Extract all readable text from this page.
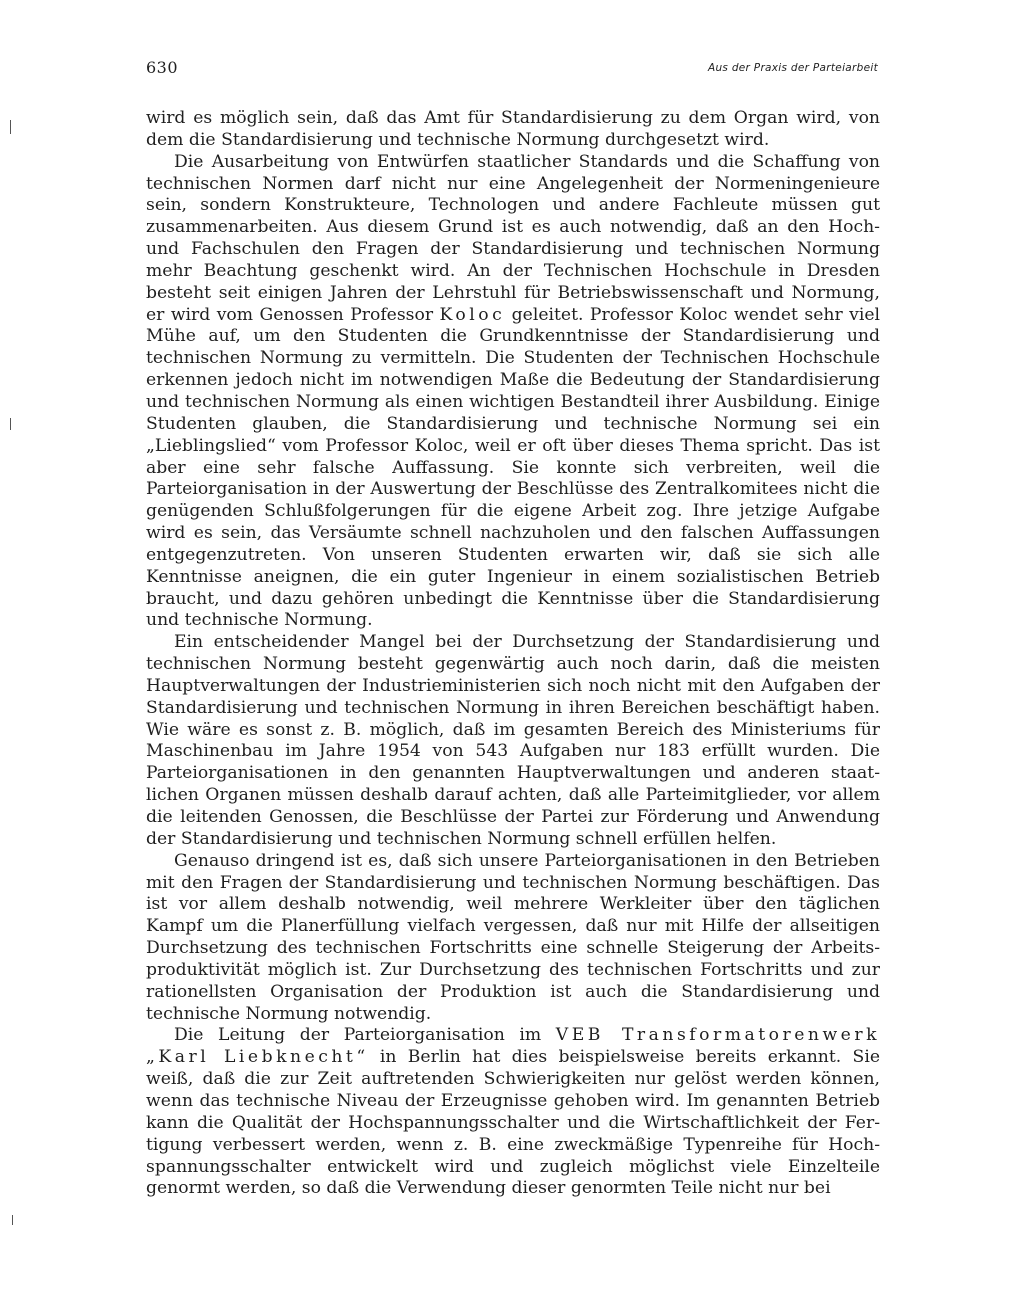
630	Aus der Praxis der Parteiarbeit

wird es möglich sein, daß das Amt für Standardisierung zu dem Organ wird, von dem die Standardisierung und technische Normung durchgesetzt wird.

Die Ausarbeitung von Entwürfen staatlicher Standards und die Schaffung von technischen Normen darf nicht nur eine Angelegenheit der Normeningenieure sein, sondern Konstrukteure, Technologen und andere Fachleute müssen gut zusammenarbeiten. Aus diesem Grund ist es auch notwendig, daß an den Hoch- und Fachschulen den Fragen der Standardisierung und technischen Normung mehr Beachtung geschenkt wird. An der Technischen Hochschule in Dresden besteht seit einigen Jahren der Lehrstuhl für Betriebswissenschaft und Normung, er wird vom Genossen Professor Koloc geleitet. Professor Koloc wendet sehr viel Mühe auf, um den Studenten die Grundkenntnisse der Standardisierung und technischen Normung zu vermitteln. Die Studenten der Technischen Hochschule erkennen jedoch nicht im notwendigen Maße die Bedeutung der Standardisierung und technischen Normung als einen wichtigen Bestandteil ihrer Ausbildung. Einige Studenten glauben, die Standardisierung und technische Normung sei ein „Lieblingslied“ vom Professor Koloc, weil er oft über dieses Thema spricht. Das ist aber eine sehr falsche Auffassung. Sie konnte sich verbreiten, weil die Parteiorganisation in der Auswertung der Beschlüsse des Zentralkomitees nicht die genügenden Schlußfolgerungen für die eigene Arbeit zog. Ihre jetzige Aufgabe wird es sein, das Versäumte schnell nachzuholen und den falschen Auffassungen entgegenzutreten. Von unseren Studenten erwarten wir, daß sie sich alle Kenntnisse aneignen, die ein guter Ingenieur in einem sozialistischen Betrieb braucht, und dazu gehören unbedingt die Kenntnisse über die Standardisierung und technische Normung.

Ein entscheidender Mangel bei der Durchsetzung der Standardisierung und technischen Normung besteht gegenwärtig auch noch darin, daß die meisten Hauptverwaltungen der Industrieministerien sich noch nicht mit den Aufgaben der Standardisierung und technischen Normung in ihren Bereichen beschäftigt haben. Wie wäre es sonst z. B. möglich, daß im gesamten Bereich des Ministeriums für Maschinenbau im Jahre 1954 von 543 Aufgaben nur 183 erfüllt wurden. Die Parteiorganisationen in den genannten Hauptverwaltungen und anderen staatlichen Organen müssen deshalb darauf achten, daß alle Parteimitglieder, vor allem die leitenden Genossen, die Beschlüsse der Partei zur Förderung und Anwendung der Standardisierung und technischen Normung schnell erfüllen helfen.

Genauso dringend ist es, daß sich unsere Parteiorganisationen in den Betrieben mit den Fragen der Standardisierung und technischen Normung beschäftigen. Das ist vor allem deshalb notwendig, weil mehrere Werkleiter über den täglichen Kampf um die Planerfüllung vielfach vergessen, daß nur mit Hilfe der allseitigen Durchsetzung des technischen Fortschritts eine schnelle Steigerung der Arbeitsproduktivität möglich ist. Zur Durchsetzung des technischen Fortschritts und zur rationellsten Organisation der Produktion ist auch die Standardisierung und technische Normung notwendig.

Die Leitung der Parteiorganisation im VEB Transformatorenwerk „Karl Liebknecht“ in Berlin hat dies beispielsweise bereits erkannt. Sie weiß, daß die zur Zeit auftretenden Schwierigkeiten nur gelöst werden können, wenn das technische Niveau der Erzeugnisse gehoben wird. Im genannten Betrieb kann die Qualität der Hochspannungsschalter und die Wirtschaftlichkeit der Fertigung verbessert werden, wenn z. B. eine zweckmäßige Typenreihe für Hochspannungsschalter entwickelt wird und zugleich möglichst viele Einzelteile genormt werden, so daß die Verwendung dieser genormten Teile nicht nur bei
